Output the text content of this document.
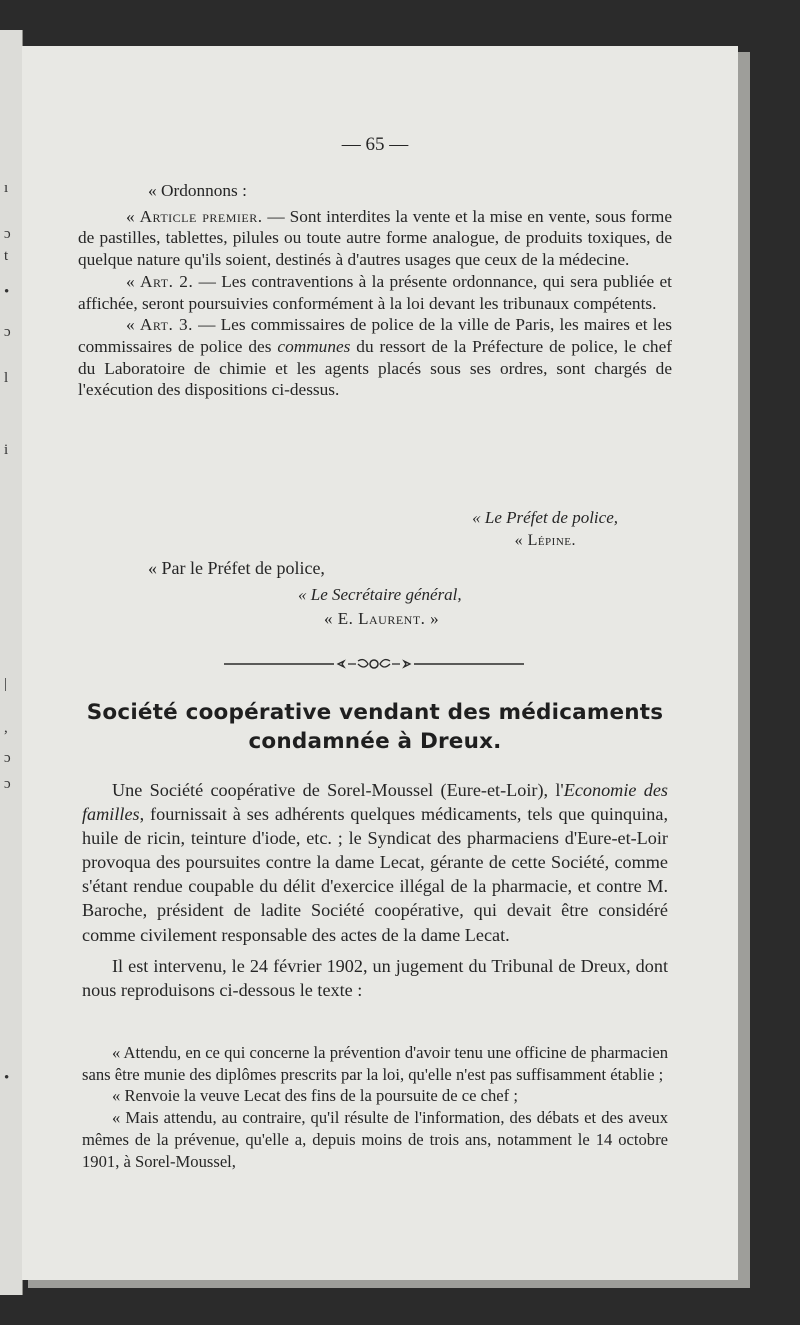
ı
ɔ
t
•
ɔ
l
i
|
,
ɔ
ɔ
•
— 65 —

« Ordonnons :

« Article premier. — Sont interdites la vente et la mise en vente, sous forme de pastilles, tablettes, pilules ou toute autre forme analogue, de produits toxiques, de quelque nature qu'ils soient, destinés à d'autres usages que ceux de la médecine.

« Art. 2. — Les contraventions à la présente ordonnance, qui sera publiée et affichée, seront poursuivies conformément à la loi devant les tribunaux compétents.

« Art. 3. — Les commissaires de police de la ville de Paris, les maires et les commissaires de police des communes du ressort de la Préfecture de police, le chef du Laboratoire de chimie et les agents placés sous ses ordres, sont chargés de l'exécution des dispositions ci-dessus.

« Le Préfet de police,
« Lépine.
« Par le Préfet de police,
« Le Secrétaire général,
« E. Laurent. »
Société coopérative vendant des médicaments
condamnée à Dreux.

Une Société coopérative de Sorel-Moussel (Eure-et-Loir), l'Economie des familles, fournissait à ses adhérents quelques médicaments, tels que quinquina, huile de ricin, teinture d'iode, etc. ; le Syndicat des pharmaciens d'Eure-et-Loir provoqua des poursuites contre la dame Lecat, gérante de cette Société, comme s'étant rendue coupable du délit d'exercice illégal de la pharmacie, et contre M. Baroche, président de ladite Société coopérative, qui devait être considéré comme civilement responsable des actes de la dame Lecat.

Il est intervenu, le 24 février 1902, un jugement du Tribunal de Dreux, dont nous reproduisons ci-dessous le texte :

« Attendu, en ce qui concerne la prévention d'avoir tenu une officine de pharmacien sans être munie des diplômes prescrits par la loi, qu'elle n'est pas suffisamment établie ;

« Renvoie la veuve Lecat des fins de la poursuite de ce chef ;

« Mais attendu, au contraire, qu'il résulte de l'information, des débats et des aveux mêmes de la prévenue, qu'elle a, depuis moins de trois ans, notamment le 14 octobre 1901, à Sorel-Moussel,
